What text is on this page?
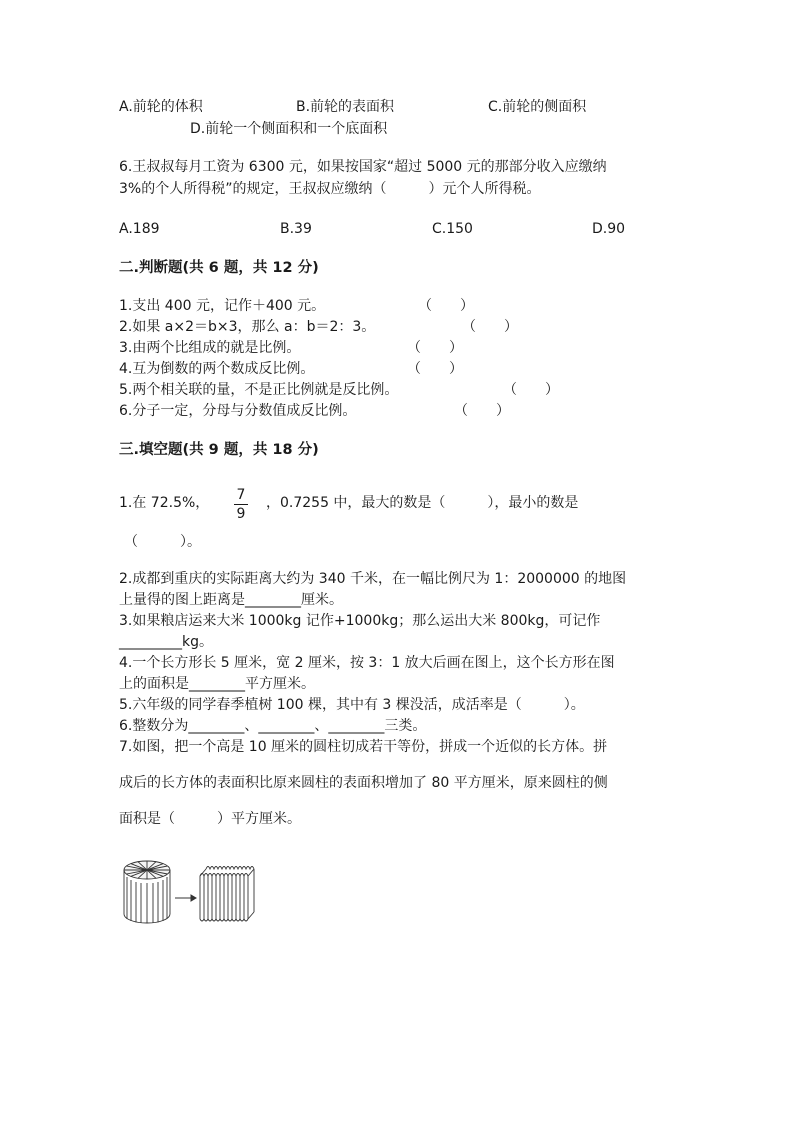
A.前轮的体积	B.前轮的表面积	C.前轮的侧面积
D.前轮一个侧面积和一个底面积
6.王叔叔每月工资为 6300 元，如果按国家“超过 5000 元的那部分收入应缴纳
3%的个人所得税”的规定，王叔叔应缴纳（　　　）元个人所得税。
A.189	B.39	C.150	D.90
二.判断题(共 6 题，共 12 分)
1.支出 400 元，记作＋400 元。	（　　）
2.如果 a×2＝b×3，那么 a：b＝2：3。	（　　）
3.由两个比组成的就是比例。	（　　）
4.互为倒数的两个数成反比例。	（　　）
5.两个相关联的量，不是正比例就是反比例。	（　　）
6.分子一定，分母与分数值成反比例。	（　　）
三.填空题(共 9 题，共 18 分)
1.在 72.5%， 7
9
，0.7255 中，最大的数是（　　　），最小的数是
（　　　）。
2.成都到重庆的实际距离大约为 340 千米，在一幅比例尺为 1：2000000 的地图
上量得的图上距离是________厘米。
3.如果粮店运来大米 1000kg 记作+1000kg；那么运出大米 800kg，可记作
_________kg。
4.一个长方形长 5 厘米，宽 2 厘米，按 3：1 放大后画在图上，这个长方形在图
上的面积是________平方厘米。
5.六年级的同学春季植树 100 棵，其中有 3 棵没活，成活率是（　　　）。
6.整数分为________、________、________三类。
7.如图，把一个高是 10 厘米的圆柱切成若干等份，拼成一个近似的长方体。拼
成后的长方体的表面积比原来圆柱的表面积增加了 80 平方厘米，原来圆柱的侧
面积是（　　　）平方厘米。
